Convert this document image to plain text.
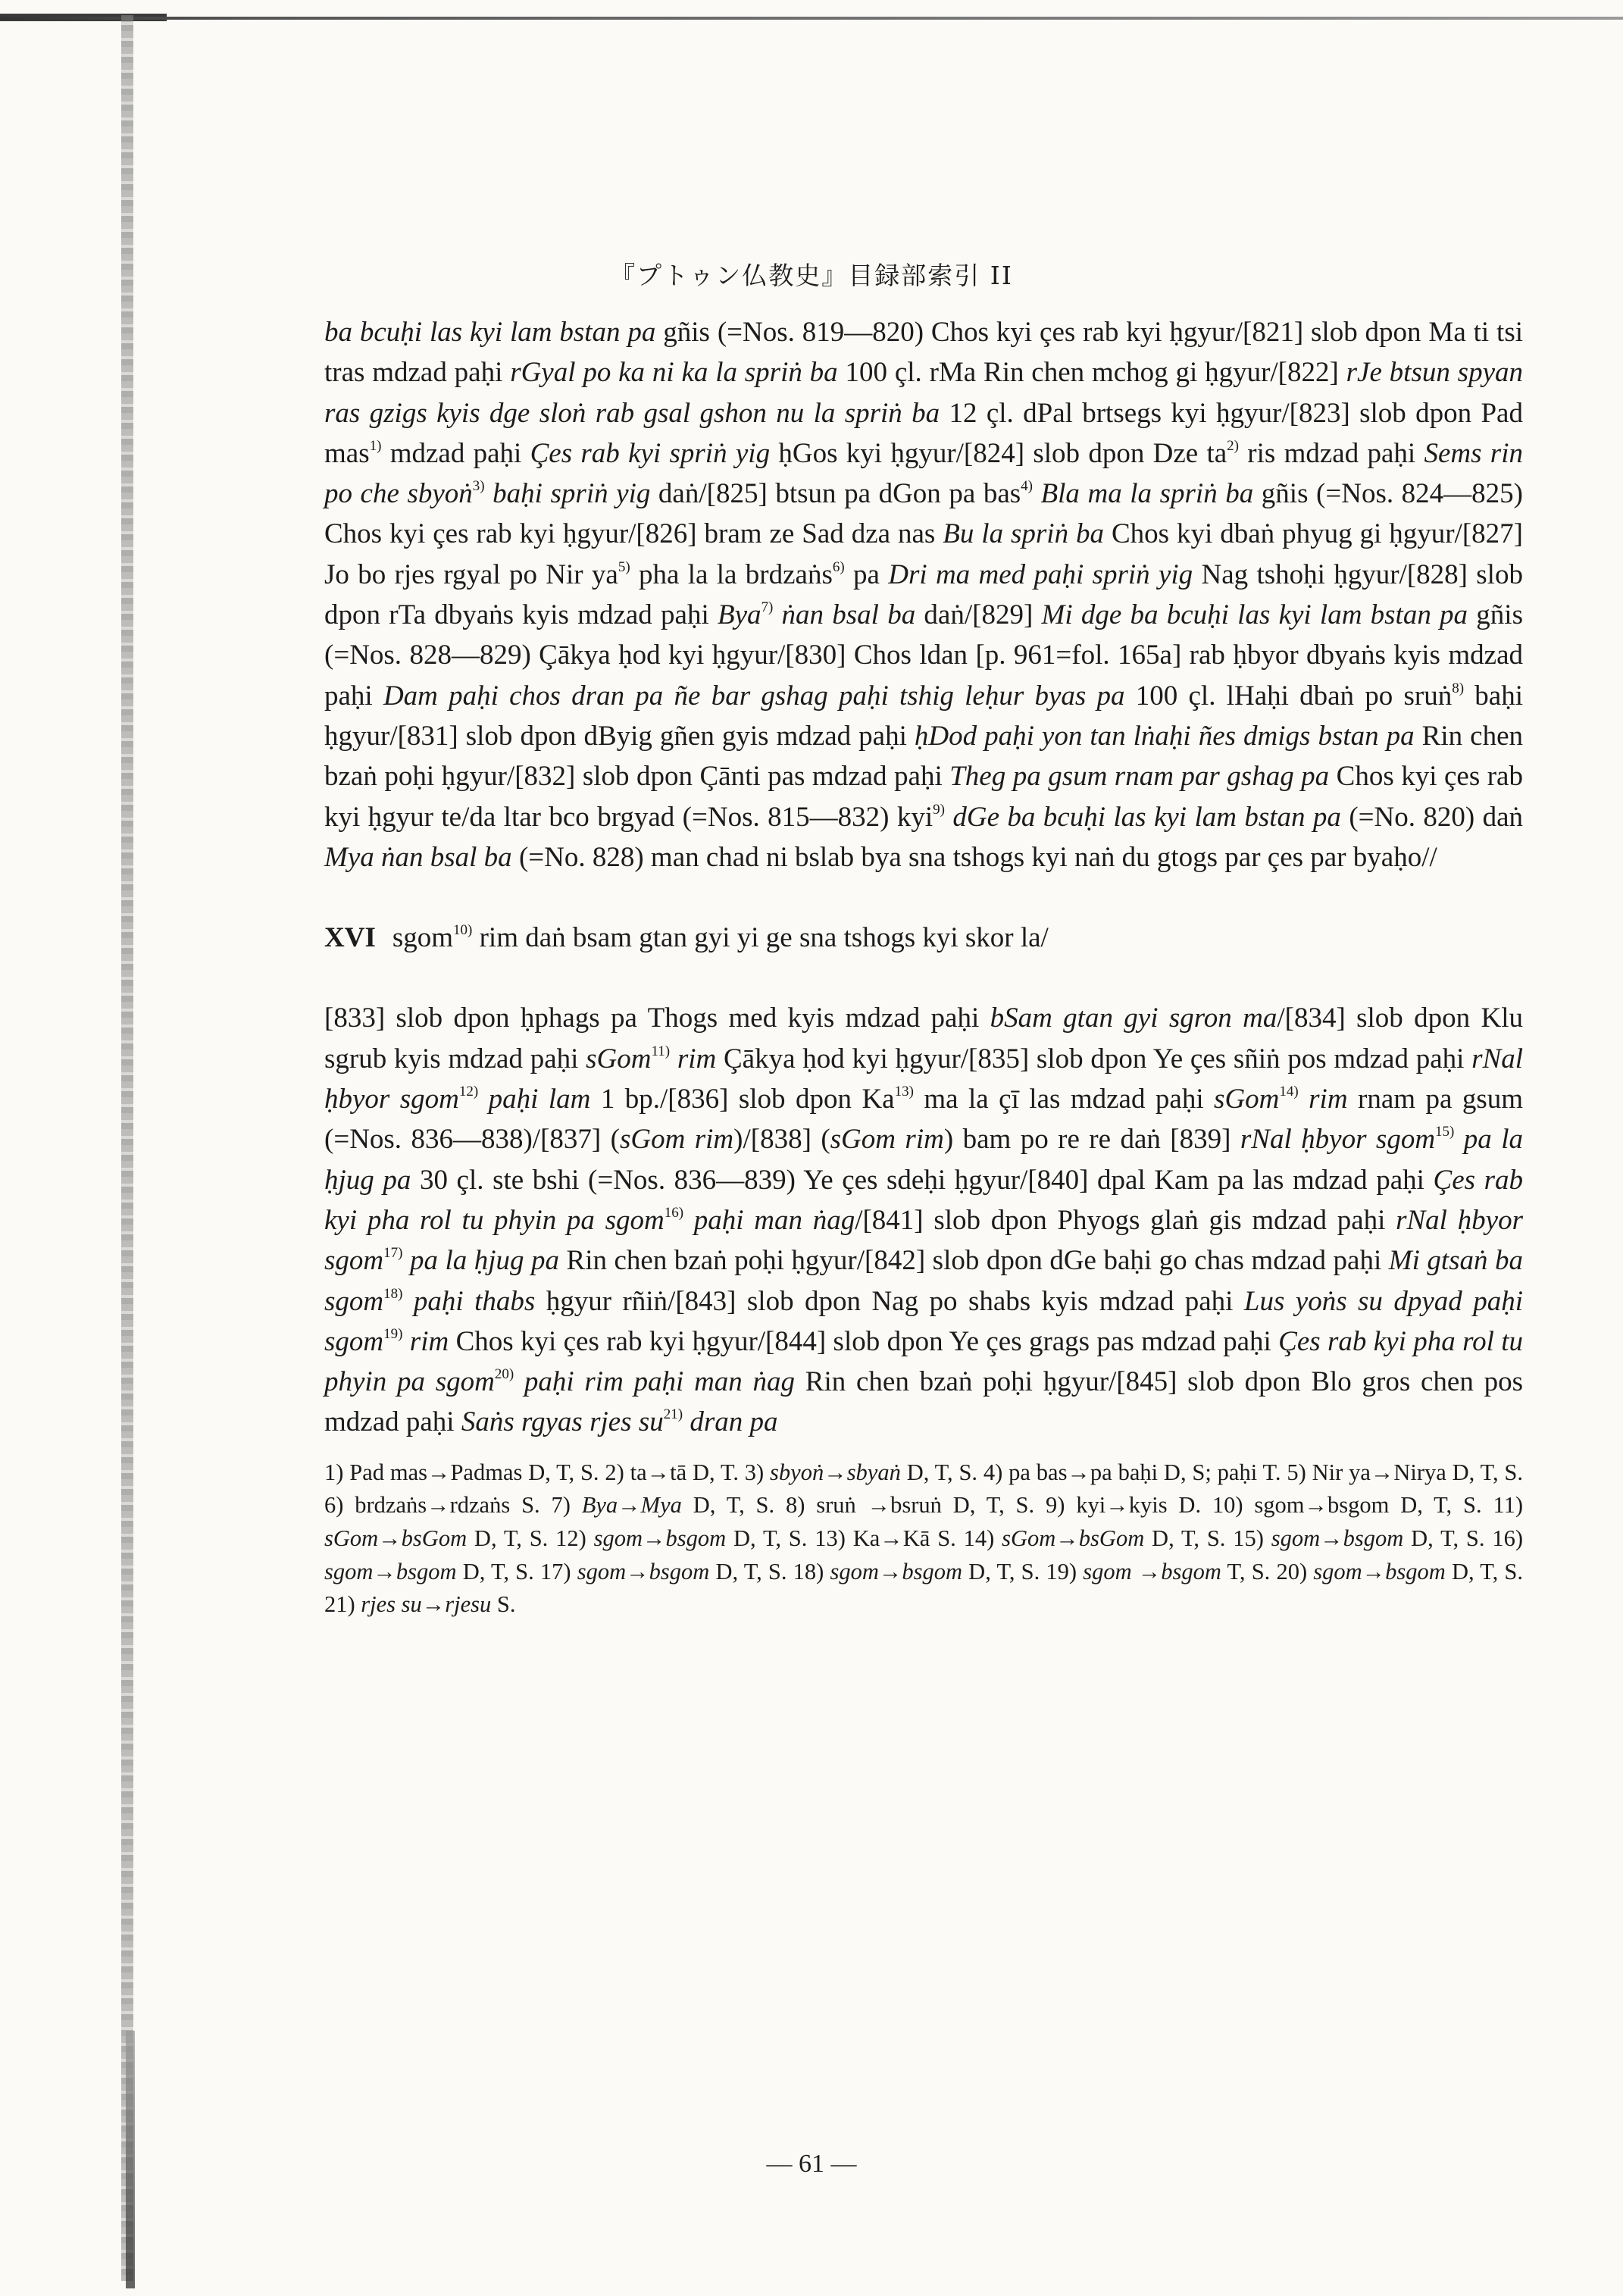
『プトゥン仏教史』目録部索引 II
ba bcuḥi las kyi lam bstan pa gñis (=Nos. 819—820) Chos kyi çes rab kyi ḥgyur/[821] slob dpon Ma ti tsi tras mdzad paḥi rGyal po ka ni ka la spriṅ ba 100 çl. rMa Rin chen mchog gi ḥgyur/[822] rJe btsun spyan ras gzigs kyis dge sloṅ rab gsal gshon nu la spriṅ ba 12 çl. dPal brtsegs kyi ḥgyur/[823] slob dpon Pad mas$^{1)}$ mdzad paḥi Çes rab kyi spriṅ yig ḥGos kyi ḥgyur/[824] slob dpon Dze $ta^{2)}$ ris mdzad paḥi Sems rin po che sbyoṅ$^{3)}$ baḥi spriṅ yig daṅ/[825] btsun pa dGon pa bas$^{4)}$ Bla ma la spriṅ ba gñis (=Nos. 824—825) Chos kyi çes rab kyi ḥgyur/[826] bram ze Sad dza nas Bu la spriṅ ba Chos kyi dbaṅ phyug gi ḥgyur/[827] Jo bo rjes rgyal po Nir $ya^{5)}$ pha la la brdzaṅs$^{6)}$ pa Dri ma med paḥi spriṅ yig Nag tshoḥi ḥgyur/[828] slob dpon rTa dbyaṅs kyis mdzad paḥi Bya$^{7)}$ ṅan bsal ba daṅ/[829] Mi dge ba bcuḥi las kyi lam bstan pa gñis (=Nos. 828—829) Çākya ḥod kyi ḥgyur/[830] Chos ldan [p. 961=fol. 165a] rab ḥbyor dbyaṅs kyis mdzad paḥi Dam paḥi chos dran pa ñe bar gshag paḥi tshig leḥur byas pa 100 çl. lHaḥi dbaṅ po sruṅ$^{8)}$ baḥi ḥgyur/[831] slob dpon dByig gñen gyis mdzad paḥi ḥDod paḥi yon tan lṅaḥi ñes dmigs bstan pa Rin chen bzaṅ poḥi ḥgyur/[832] slob dpon Çānti pas mdzad paḥi Theg pa gsum rnam par gshag pa Chos kyi çes rab kyi ḥgyur te/da ltar bco brgyad (=Nos. 815—832) kyi$^{9)}$ dGe ba bcuḥi las kyi lam bstan pa (=No. 820) daṅ Mya ṅan bsal ba (=No. 828) man chad ni bslab bya sna tshogs kyi naṅ du gtogs par çes par byaḥo//
XVI sgom$^{10)}$ rim daṅ bsam gtan gyi yi ge sna tshogs kyi skor la/
[833] slob dpon ḥphags pa Thogs med kyis mdzad paḥi bSam gtan gyi sgron ma/[834] slob dpon Klu sgrub kyis mdzad paḥi sGom$^{11)}$ rim Çākya ḥod kyi ḥgyur/[835] slob dpon Ye çes sñiṅ pos mdzad paḥi rNal ḥbyor sgom$^{12)}$ paḥi lam 1 bp./[836] slob dpon Ka$^{13)}$ ma la çī las mdzad paḥi sGom$^{14)}$ rim rnam pa gsum (=Nos. 836—838)/[837] (sGom rim)/[838] (sGom rim) bam po re re daṅ [839] rNal ḥbyor sgom$^{15)}$ pa la ḥjug pa 30 çl. ste bshi (=Nos. 836—839) Ye çes sdeḥi ḥgyur/[840] dpal Kam pa las mdzad paḥi Çes rab kyi pha rol tu phyin pa sgom$^{16)}$ paḥi man ṅag/[841] slob dpon Phyogs glaṅ gis mdzad paḥi rNal ḥbyor sgom$^{17)}$ pa la ḥjug pa Rin chen bzaṅ poḥi ḥgyur/[842] slob dpon dGe baḥi go chas mdzad paḥi Mi gtsaṅ ba sgom$^{18)}$ paḥi thabs ḥgyur rñiṅ/[843] slob dpon Nag po shabs kyis mdzad paḥi Lus yoṅs su dpyad paḥi sgom$^{19)}$ rim Chos kyi çes rab kyi ḥgyur/[844] slob dpon Ye çes grags pas mdzad paḥi Çes rab kyi pha rol tu phyin pa sgom$^{20)}$ paḥi rim paḥi man ṅag Rin chen bzaṅ poḥi ḥgyur/[845] slob dpon Blo gros chen pos mdzad paḥi Saṅs rgyas rjes $su^{21)}$ dran pa
1) Pad mas→Padmas D, T, S. 2) ta→tā D, T. 3) sbyoṅ→sbyaṅ D, T, S. 4) pa bas→pa baḥi D, S; paḥi T. 5) Nir ya→Nirya D, T, S. 6) brdzaṅs→rdzaṅs S. 7) Bya→Mya D, T, S. 8) sruṅ →bsruṅ D, T, S. 9) kyi→kyis D. 10) sgom→bsgom D, T, S. 11) sGom→bsGom D, T, S. 12) sgom→bsgom D, T, S. 13) Ka→Kā S. 14) sGom→bsGom D, T, S. 15) sgom→bsgom D, T, S. 16) sgom→bsgom D, T, S. 17) sgom→bsgom D, T, S. 18) sgom→bsgom D, T, S. 19) sgom →bsgom T, S. 20) sgom→bsgom D, T, S. 21) rjes su→rjesu S.
— 61 —
